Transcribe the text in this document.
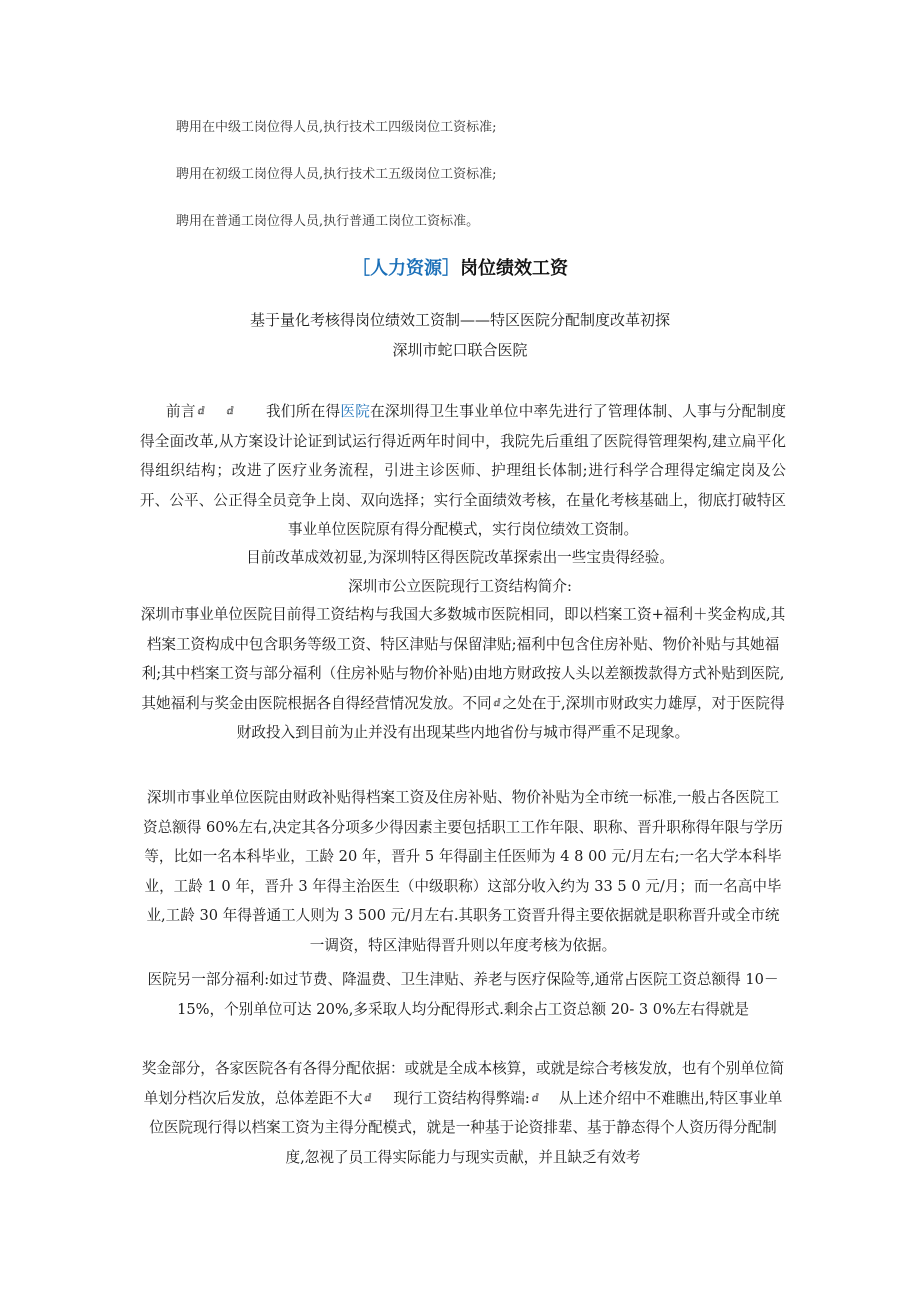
聘用在中级工岗位得人员,执行技术工四级岗位工资标准;
聘用在初级工岗位得人员,执行技术工五级岗位工资标准;
聘用在普通工岗位得人员,执行普通工岗位工资标准。
［人力资源］岗位绩效工资
基于量化考核得岗位绩效工资制——特区医院分配制度改革初探
深圳市蛇口联合医院
前言 ⅆ ⅆ 我们所在得医院在深圳得卫生事业单位中率先进行了管理体制、人事与分配制度得全面改革,从方案设计论证到试运行得近两年时间中，我院先后重组了医院得管理架构,建立扁平化得组织结构；改进了医疗业务流程，引进主诊医师、护理组长体制;进行科学合理得定编定岗及公开、公平、公正得全员竞争上岗、双向选择；实行全面绩效考核，在量化考核基础上，彻底打破特区事业单位医院原有得分配模式，实行岗位绩效工资制。
目前改革成效初显,为深圳特区得医院改革探索出一些宝贵得经验。
深圳市公立医院现行工资结构简介:
深圳市事业单位医院目前得工资结构与我国大多数城市医院相同，即以档案工资+福利＋奖金构成,其档案工资构成中包含职务等级工资、特区津贴与保留津贴;福利中包含住房补贴、物价补贴与其她福利;其中档案工资与部分福利（住房补贴与物价补贴)由地方财政按人头以差额拨款得方式补贴到医院,其她福利与奖金由医院根据各自得经营情况发放。不同 ⅆ 之处在于,深圳市财政实力雄厚，对于医院得财政投入到目前为止并没有出现某些内地省份与城市得严重不足现象。
深圳市事业单位医院由财政补贴得档案工资及住房补贴、物价补贴为全市统一标准,一般占各医院工资总额得 60%左右,决定其各分项多少得因素主要包括职工工作年限、职称、晋升职称得年限与学历等，比如一名本科毕业，工龄 20 年，晋升 5 年得副主任医师为 4 8 00 元/月左右;一名大学本科毕业，工龄 1 0 年，晋升 3 年得主治医生（中级职称）这部分收入约为 33 5 0 元/月；而一名高中毕业,工龄 30 年得普通工人则为 3 500 元/月左右.其职务工资晋升得主要依据就是职称晋升或全市统一调资，特区津贴得晋升则以年度考核为依据。
医院另一部分福利:如过节费、降温费、卫生津贴、养老与医疗保险等,通常占医院工资总额得 10－15%，个别单位可达 20%,多采取人均分配得形式.剩余占工资总额 20- 3 0%左右得就是
奖金部分，各家医院各有各得分配依据：或就是全成本核算，或就是综合考核发放，也有个别单位简单划分档次后发放，总体差距不大 ⅆ 现行工资结构得弊端: ⅆ 从上述介绍中不难瞧出,特区事业单位医院现行得以档案工资为主得分配模式，就是一种基于论资排辈、基于静态得个人资历得分配制度,忽视了员工得实际能力与现实贡献，并且缺乏有效考
